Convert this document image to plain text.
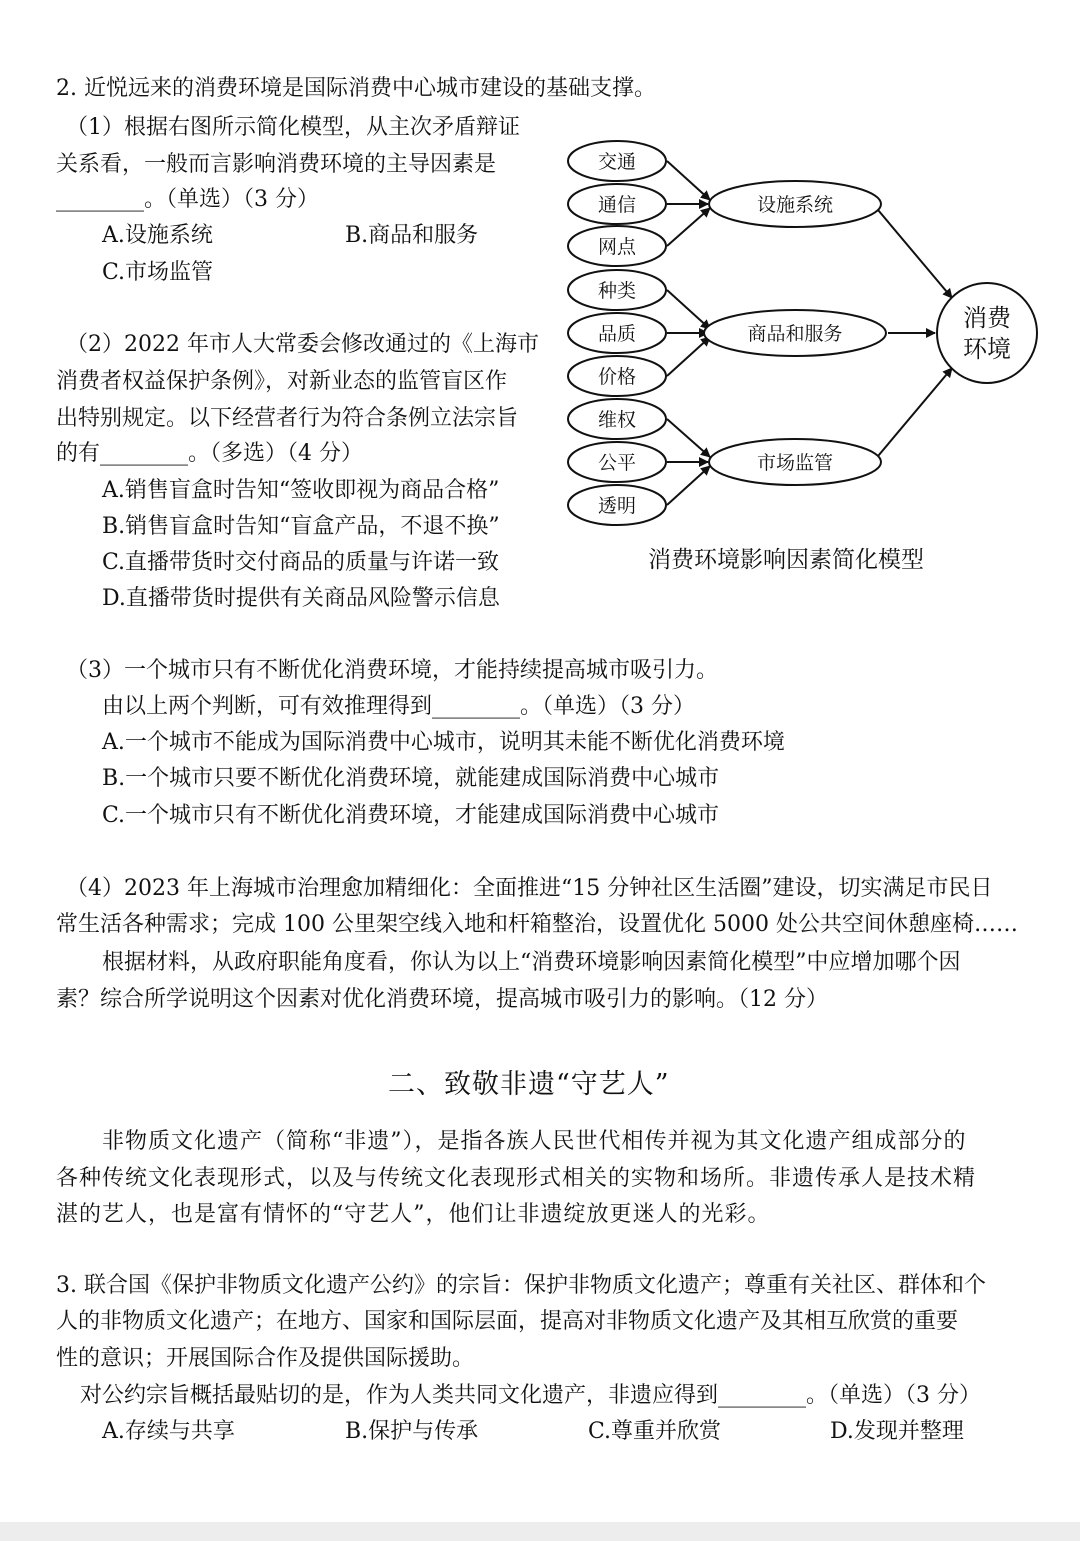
2. 近悦远来的消费环境是国际消费中心城市建设的基础支撑。
（1）根据右图所示简化模型，从主次矛盾辩证
关系看，一般而言影响消费环境的主导因素是
________。（单选）（3 分）
A.设施系统	B.商品和服务
C.市场监管
（2）2022 年市人大常委会修改通过的《上海市
消费者权益保护条例》，对新业态的监管盲区作
出特别规定。以下经营者行为符合条例立法宗旨
的有________。（多选）（4 分）
A.销售盲盒时告知“签收即视为商品合格”
B.销售盲盒时告知“盲盒产品，不退不换”
C.直播带货时交付商品的质量与许诺一致
D.直播带货时提供有关商品风险警示信息
交通
通信
网点
种类
品质
价格
维权
公平
透明
设施系统
商品和服务
市场监管
消费
环境
消费环境影响因素简化模型
（3）一个城市只有不断优化消费环境，才能持续提高城市吸引力。
由以上两个判断，可有效推理得到________。（单选）（3 分）
A.一个城市不能成为国际消费中心城市，说明其未能不断优化消费环境
B.一个城市只要不断优化消费环境，就能建成国际消费中心城市
C.一个城市只有不断优化消费环境，才能建成国际消费中心城市
（4）2023 年上海城市治理愈加精细化：全面推进“15 分钟社区生活圈”建设，切实满足市民日
常生活各种需求；完成 100 公里架空线入地和杆箱整治，设置优化 5000 处公共空间休憩座椅……
根据材料，从政府职能角度看，你认为以上“消费环境影响因素简化模型”中应增加哪个因
素？综合所学说明这个因素对优化消费环境，提高城市吸引力的影响。（12 分）
二、致敬非遗“守艺人”
非物质文化遗产（简称“非遗”），是指各族人民世代相传并视为其文化遗产组成部分的
各种传统文化表现形式，以及与传统文化表现形式相关的实物和场所。非遗传承人是技术精
湛的艺人，也是富有情怀的“守艺人”，他们让非遗绽放更迷人的光彩。
3. 联合国《保护非物质文化遗产公约》的宗旨：保护非物质文化遗产；尊重有关社区、群体和个
人的非物质文化遗产；在地方、国家和国际层面，提高对非物质文化遗产及其相互欣赏的重要
性的意识；开展国际合作及提供国际援助。
对公约宗旨概括最贴切的是，作为人类共同文化遗产，非遗应得到________。（单选）（3 分）
A.存续与共享	B.保护与传承	C.尊重并欣赏	D.发现并整理
